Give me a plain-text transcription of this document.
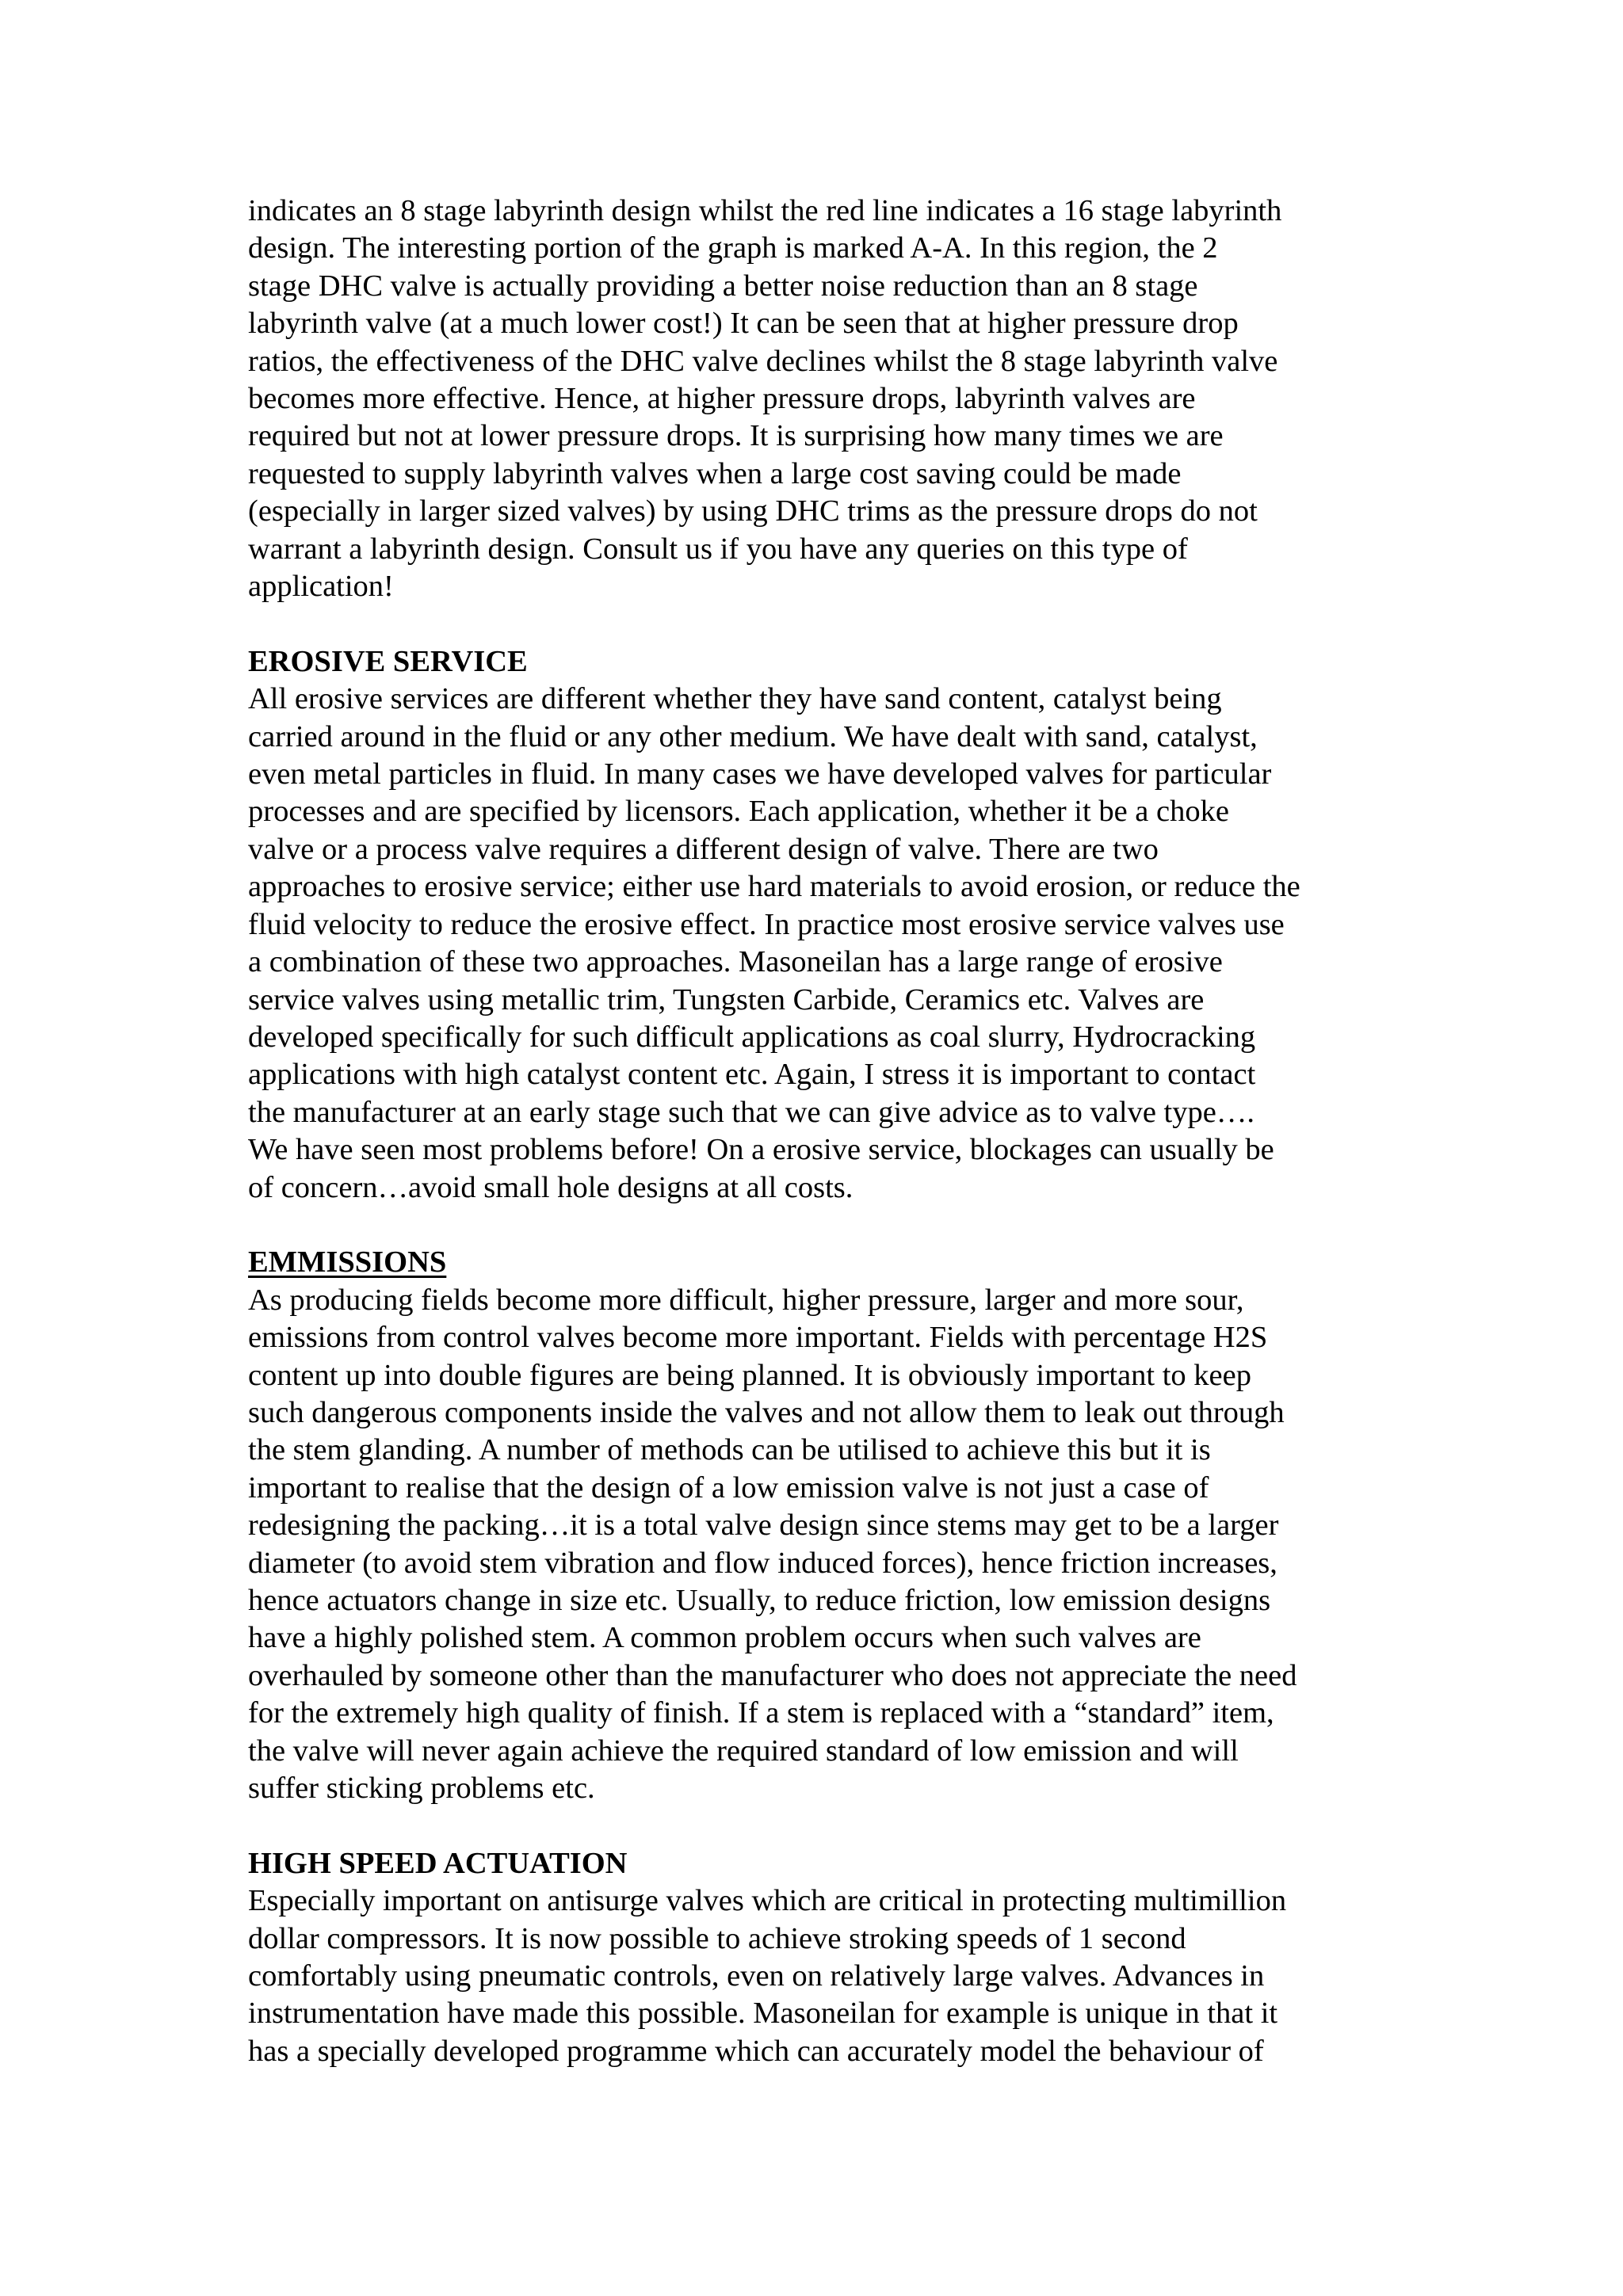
indicates an 8 stage labyrinth design whilst the red line indicates a 16 stage labyrinth
design. The interesting portion of the graph is marked A-A. In this region, the 2
stage DHC valve is actually providing a better noise reduction than an 8 stage
labyrinth valve (at a much lower cost!) It can be seen that at higher pressure drop
ratios, the effectiveness of the DHC valve declines whilst the 8 stage labyrinth valve
becomes more effective. Hence, at higher pressure drops, labyrinth valves are
required but not at lower pressure drops. It is surprising how many times we are
requested to supply labyrinth valves when a large cost saving could be made
(especially in larger sized valves) by using DHC trims as the pressure drops do not
warrant a labyrinth design. Consult us if you have any queries on this type of
application!
EROSIVE SERVICE
All erosive services are different whether they have sand content, catalyst being
carried around in the fluid or any other medium. We have dealt with sand, catalyst,
even metal particles in fluid. In many cases we have developed valves for particular
processes and are specified by licensors. Each application, whether it be a choke
valve or a process valve requires a different design of valve. There are two
approaches to erosive service; either use hard materials to avoid erosion, or reduce the
fluid velocity to reduce the erosive effect. In practice most erosive service valves use
a combination of these two approaches. Masoneilan has a large range of erosive
service valves using metallic trim, Tungsten Carbide, Ceramics etc. Valves are
developed specifically for such difficult applications as coal slurry, Hydrocracking
applications with high catalyst content etc. Again, I stress it is important to contact
the manufacturer at an early stage such that we can give advice as to valve type….
We have seen most problems before! On a erosive service, blockages can usually be
of concern…avoid small hole designs at all costs.
EMMISSIONS
As producing fields become more difficult, higher pressure, larger and more sour,
emissions from control valves become more important. Fields with percentage H2S
content up into double figures are being planned. It is obviously important to keep
such dangerous components inside the valves and not allow them to leak out through
the stem glanding. A number of methods can be utilised to achieve this but it is
important to realise that the design of a low emission valve is not just a case of
redesigning the packing…it is a total valve design since stems may get to be a larger
diameter (to avoid stem vibration and flow induced forces), hence friction increases,
hence actuators change in size etc. Usually, to reduce friction, low emission designs
have a highly polished stem. A common problem occurs when such valves are
overhauled by someone other than the manufacturer who does not appreciate the need
for the extremely high quality of finish. If a stem is replaced with a “standard” item,
the valve will never again achieve the required standard of low emission and will
suffer sticking problems etc.
HIGH SPEED ACTUATION
Especially important on antisurge valves which are critical in protecting multimillion
dollar compressors. It is now possible to achieve stroking speeds of 1 second
comfortably using pneumatic controls, even on relatively large valves. Advances in
instrumentation have made this possible. Masoneilan for example is unique in that it
has a specially developed programme which can accurately model the behaviour of
